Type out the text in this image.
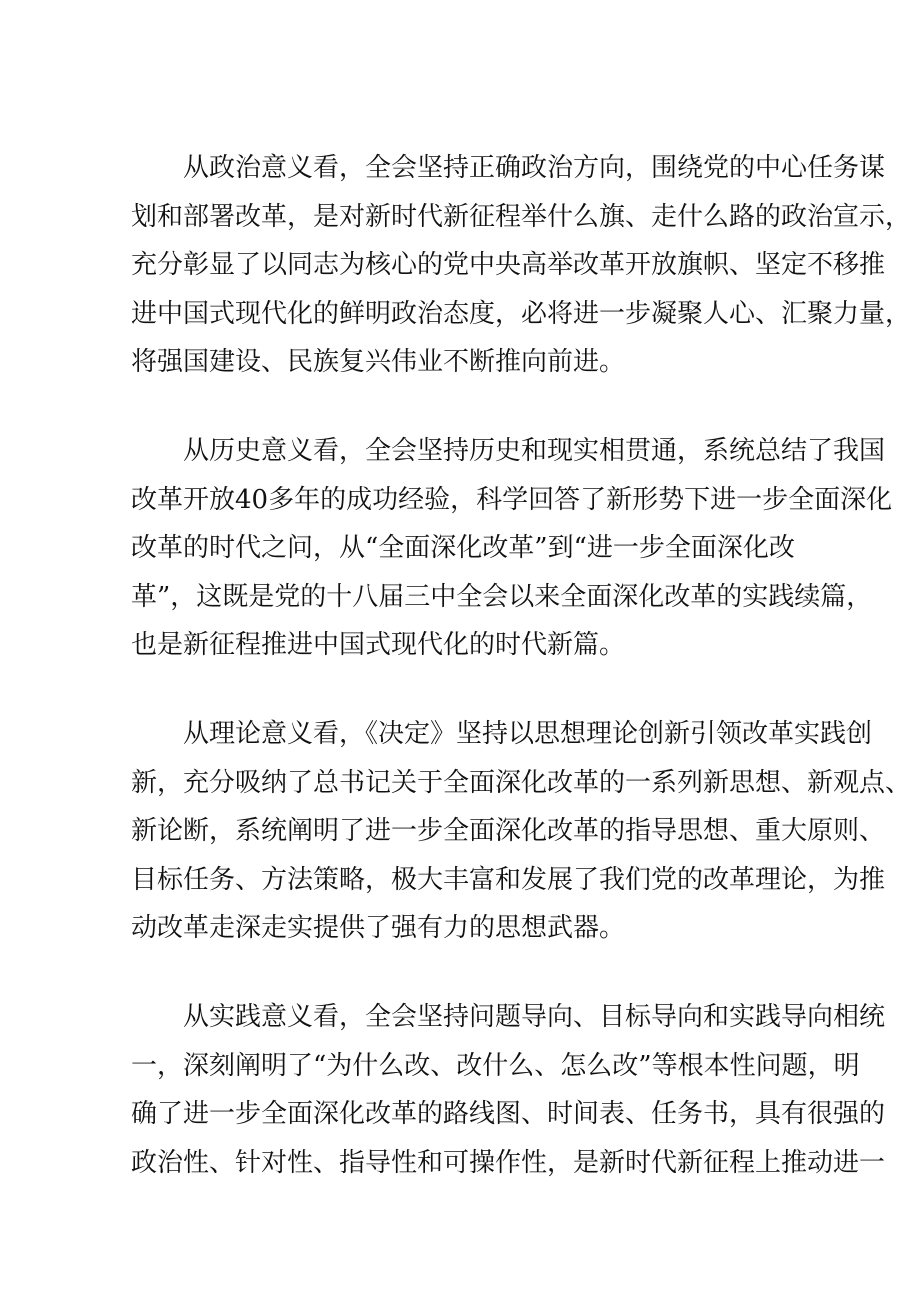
从政治意义看，全会坚持正确政治方向，围绕党的中心任务谋
划和部署改革，是对新时代新征程举什么旗、走什么路的政治宣示，
充分彰显了以同志为核心的党中央高举改革开放旗帜、坚定不移推
进中国式现代化的鲜明政治态度，必将进一步凝聚人心、汇聚力量，
将强国建设、民族复兴伟业不断推向前进。

从历史意义看，全会坚持历史和现实相贯通，系统总结了我国
改革开放40多年的成功经验，科学回答了新形势下进一步全面深化
改革的时代之问，从“全面深化改革”到“进一步全面深化改
革”，这既是党的十八届三中全会以来全面深化改革的实践续篇，
也是新征程推进中国式现代化的时代新篇。

从理论意义看，《决定》坚持以思想理论创新引领改革实践创
新，充分吸纳了总书记关于全面深化改革的一系列新思想、新观点、
新论断，系统阐明了进一步全面深化改革的指导思想、重大原则、
目标任务、方法策略，极大丰富和发展了我们党的改革理论，为推
动改革走深走实提供了强有力的思想武器。

从实践意义看，全会坚持问题导向、目标导向和实践导向相统
一，深刻阐明了“为什么改、改什么、怎么改”等根本性问题，明
确了进一步全面深化改革的路线图、时间表、任务书，具有很强的
政治性、针对性、指导性和可操作性，是新时代新征程上推动进一
